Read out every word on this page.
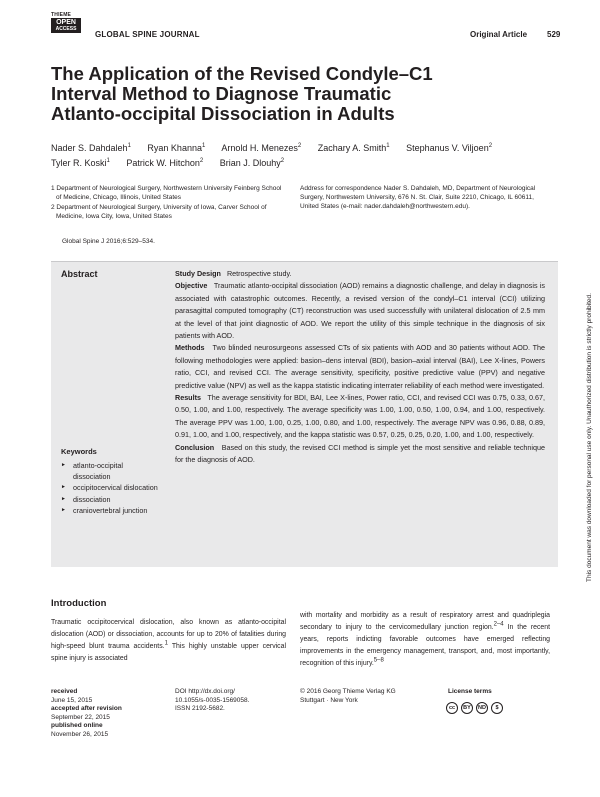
THIEME
OPEN
ACCESS
GLOBAL SPINE JOURNAL	Original Article 529
The Application of the Revised Condyle–C1
Interval Method to Diagnose Traumatic
Atlanto-occipital Dissociation in Adults
Nader S. Dahdaleh$^1$ Ryan Khanna$^1$ Arnold H. Menezes$^2$ Zachary A. Smith$^1$ Stephanus V. Viljoen$^2$
Tyler R. Koski$^1$ Patrick W. Hitchon$^2$ Brian J. Dlouhy$^2$

1 Department of Neurological Surgery, Northwestern University Feinberg School of Medicine, Chicago, Illinois, United States

2 Department of Neurological Surgery, University of Iowa, Carver School of Medicine, Iowa City, Iowa, United States

Address for correspondence Nader S. Dahdaleh, MD, Department of Neurological Surgery, Northwestern University, 676 N. St. Clair, Suite 2210, Chicago, IL 60611, United States (e-mail: nader.dahdaleh@northwestern.edu).
Global Spine J 2016;6:529–534.
Abstract	Study Design Retrospective study.

Objective Traumatic atlanto-occipital dissociation (AOD) remains a diagnostic challenge, and delay in diagnosis is associated with catastrophic outcomes. Recently, a revised version of the condyl–C1 interval (CCI) utilizing parasagittal computed tomography (CT) reconstruction was used successfully with unilateral dislocation of 2.5 mm at the level of that joint diagnostic of AOD. We report the utility of this simple technique in the diagnosis of six patients with AOD.

Methods Two blinded neurosurgeons assessed CTs of six patients with AOD and 30 patients without AOD. The following methodologies were applied: basion–dens interval (BDI), basion–axial interval (BAI), Lee X-lines, Powers ratio, CCI, and revised CCI. The average sensitivity, specificity, positive predictive value (PPV) and negative predictive value (NPV) as well as the kappa statistic indicating interrater reliability of each method were investigated.

Results The average sensitivity for BDI, BAI, Lee X-lines, Power ratio, CCI, and revised CCI was 0.75, 0.33, 0.67, 0.50, 1.00, and 1.00, respectively. The average specificity was 1.00, 1.00, 0.50, 1.00, 0.94, and 1.00, respectively. The average PPV was 1.00, 1.00, 0.25, 1.00, 0.80, and 1.00, respectively. The average NPV was 0.96, 0.88, 0.89, 0.91, 1.00, and 1.00, respectively, and the kappa statistic was 0.57, 0.25, 0.25, 0.20, 1.00, and 1.00, respectively.

Conclusion Based on this study, the revised CCI method is simple yet the most sensitive and reliable technique for the diagnosis of AOD.

Keywords
► atlanto-occipital dissociation
► occipitocervical dislocation
► dissociation
► craniovertebral junction
Introduction
Traumatic occipitocervical dislocation, also known as atlanto-occipital dislocation (AOD) or dissociation, accounts for up to 20% of fatalities during high-speed blunt trauma accidents.1 This highly unstable upper cervical spine injury is associated
with mortality and morbidity as a result of respiratory arrest and quadriplegia secondary to injury to the cervicomedullary junction region.2–4 In the recent years, reports indicting favorable outcomes have emerged reflecting improvements in the emergency management, transport, and, most importantly, recognition of this injury.5–8
received
June 15, 2015
accepted after revision
September 22, 2015
published online
November 26, 2015
DOI http://dx.doi.org/
10.1055/s-0035-1569058.
ISSN 2192-5682.
© 2016 Georg Thieme Verlag KG
Stuttgart · New York
License terms
cc	BY	ND	$
This document was downloaded for personal use only. Unauthorized distribution is strictly prohibited.
